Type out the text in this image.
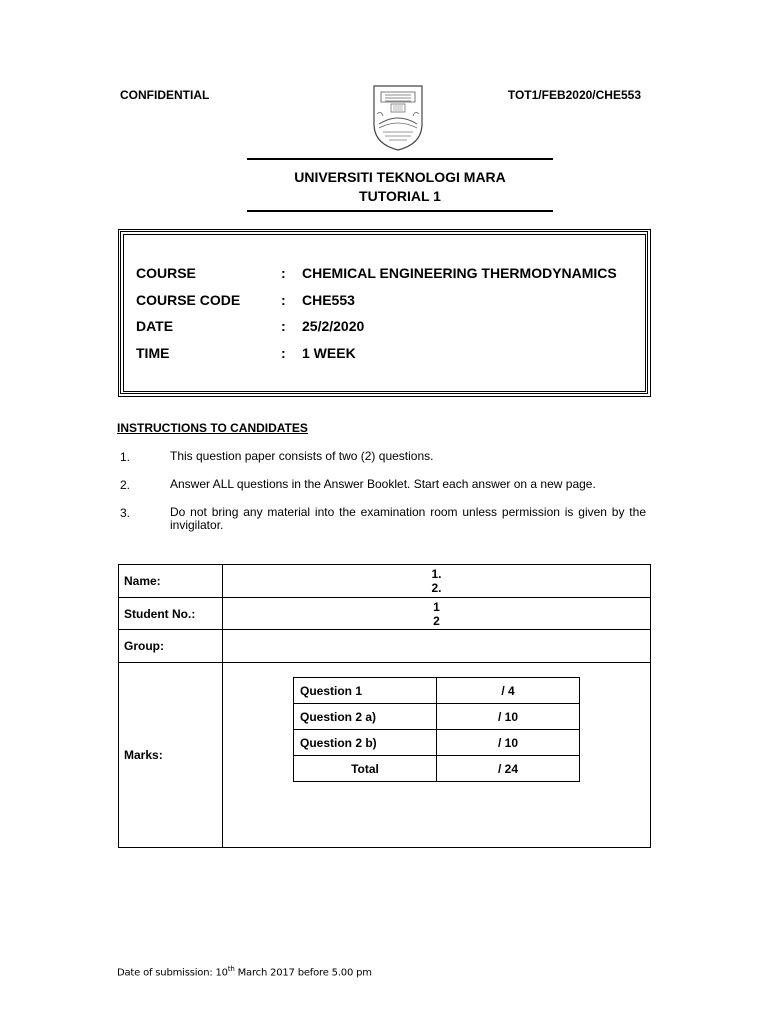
CONFIDENTIAL	TOT1/FEB2020/CHE553
UNIVERSITI TEKNOLOGI MARA
TUTORIAL 1
COURSE	: CHEMICAL ENGINEERING THERMODYNAMICS
COURSE CODE	: CHE553
DATE	: 25/2/2020
TIME	: 1 WEEK
INSTRUCTIONS TO CANDIDATES
1.	This question paper consists of two (2) questions.
2.	Answer ALL questions in the Answer Booklet. Start each answer on a new page.
3.	Do not bring any material into the examination room unless permission is given by the invigilator.
Name:	1.
2.

Student No.:	1
2

Group:	
Marks:	
Question 1	/ 4
Question 2 a)	/ 10
Question 2 b)	/ 10
Total	/ 24
Date of submission: 10th March 2017 before 5.00 pm
